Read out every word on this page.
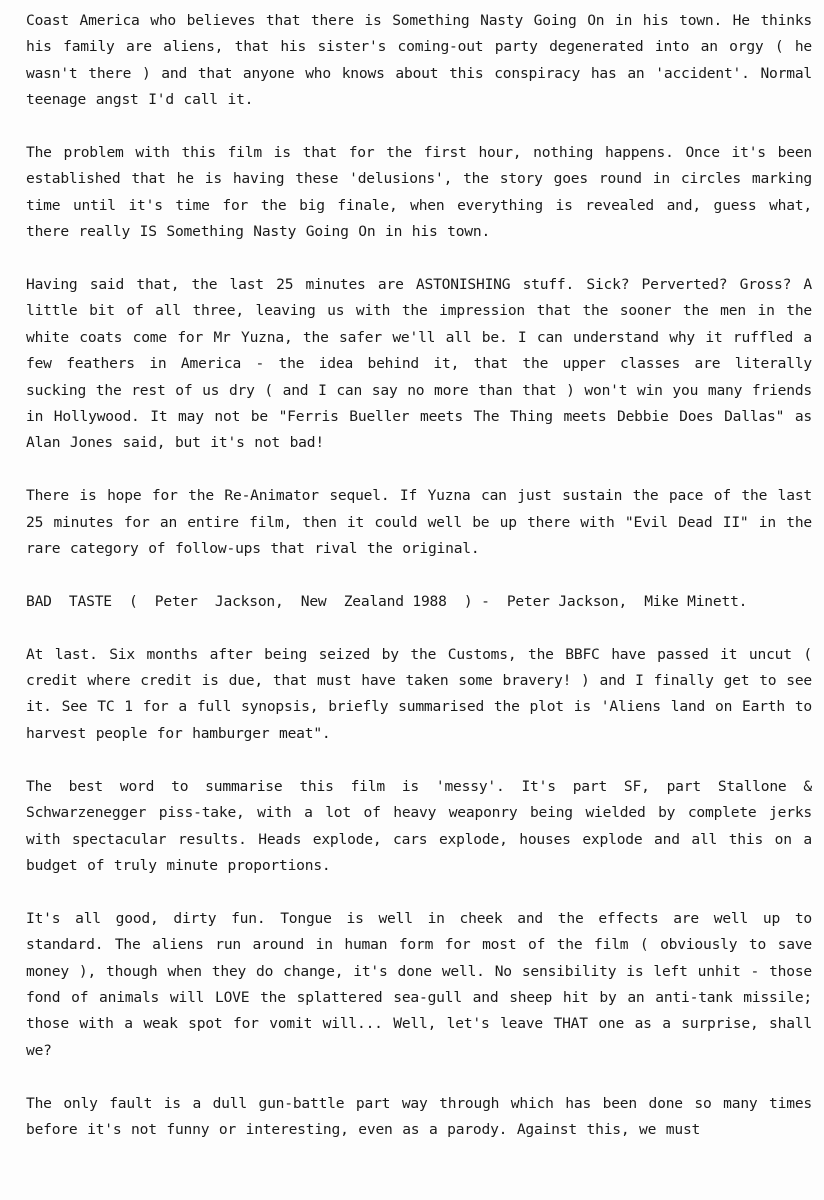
Coast America who believes that there is Something Nasty Going On in his town. He thinks his family are aliens, that his sister's coming-out party degenerated into an orgy ( he wasn't there ) and that anyone who knows about this conspiracy has an 'accident'. Normal teenage angst I'd call it.

The problem with this film is that for the first hour, nothing happens. Once it's been established that he is having these 'delusions', the story goes round in circles marking time until it's time for the big finale, when everything is revealed and, guess what, there really IS Something Nasty Going On in his town.

Having said that, the last 25 minutes are ASTONISHING stuff. Sick? Perverted? Gross? A little bit of all three, leaving us with the impression that the sooner the men in the white coats come for Mr Yuzna, the safer we'll all be. I can understand why it ruffled a few feathers in America - the idea behind it, that the upper classes are literally sucking the rest of us dry ( and I can say no more than that ) won't win you many friends in Hollywood. It may not be "Ferris Bueller meets The Thing meets Debbie Does Dallas" as Alan Jones said, but it's not bad!

There is hope for the Re-Animator sequel. If Yuzna can just sustain the pace of the last 25 minutes for an entire film, then it could well be up there with "Evil Dead II" in the rare category of follow-ups that rival the original.

BAD  TASTE  (  Peter  Jackson,  New  Zealand 1988  ) -  Peter Jackson,  Mike Minett.

At last. Six months after being seized by the Customs, the BBFC have passed it uncut ( credit where credit is due, that must have taken some bravery! ) and I finally get to see it. See TC 1 for a full synopsis, briefly summarised the plot is 'Aliens land on Earth to harvest people for hamburger meat".

The best word to summarise this film is 'messy'. It's part SF, part Stallone & Schwarzenegger piss-take, with a lot of heavy weaponry being wielded by complete jerks with spectacular results. Heads explode, cars explode, houses explode and all this on a budget of truly minute proportions.

It's all good, dirty fun. Tongue is well in cheek and the effects are well up to standard. The aliens run around in human form for most of the film ( obviously to save money ), though when they do change, it's done well. No sensibility is left unhit - those fond of animals will LOVE the splattered sea-gull and sheep hit by an anti-tank missile; those with a weak spot for vomit will... Well, let's leave THAT one as a surprise, shall we?

The only fault is a dull gun-battle part way through which has been done so many times before it's not funny or interesting, even as a parody. Against this, we must
